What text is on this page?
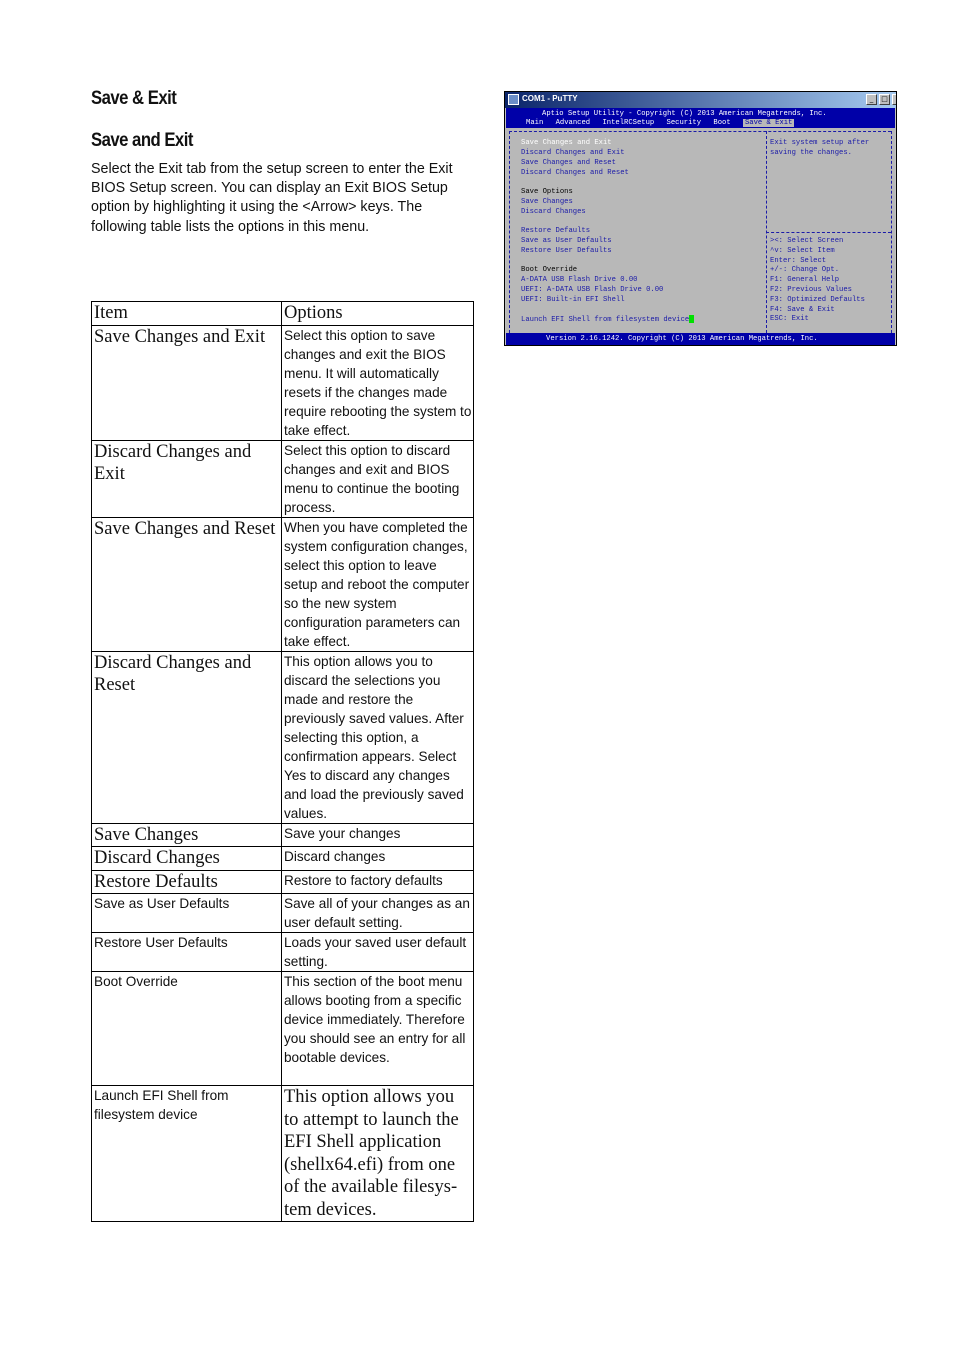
Save & Exit
Save and Exit
Select the Exit tab from the setup screen to enter the Exit BIOS Setup screen. You can display an Exit BIOS Setup option by highlighting it using the <Arrow> keys. The following table lists the options in this menu.
Item	Options
Save Changes and Exit	Select this option to save changes and exit the BIOS menu. It will automatically resets if the changes made require rebooting the system to take effect.
Discard Changes and Exit	Select this option to discard changes and exit and BIOS menu to continue the booting process.
Save Changes and Reset	When you have completed the system configuration changes, select this option to leave setup and reboot the computer so the new system configuration parameters can take effect.
Discard Changes and Reset	This option allows you to discard the selections you made and restore the previously saved values. After selecting this option, a confirmation appears. Select Yes to discard any changes and load the previously saved values.
Save Changes	Save your changes
Discard Changes	Discard changes
Restore Defaults	Restore to factory defaults
Save as User Defaults	Save all of your changes as an user default setting.
Restore User Defaults	Loads your saved user default setting.
Boot Override	This section of the boot menu allows booting from a specific device immediately. Therefore you should see an entry for all bootable devices.
Launch EFI Shell from filesystem device	This option allows you to attempt to launch the EFI Shell application (shellx64.efi) from one of the available filesys-tem devices.
COM1 - PuTTY	_	□
Aptio Setup Utility - Copyright (C) 2013 American Megatrends, Inc.
Main Advanced IntelRCSetup Security Boot Save & Exit
Save Changes and Exit
Discard Changes and Exit
Save Changes and Reset
Discard Changes and Reset
Save Options
Save Changes
Discard Changes
Restore Defaults
Save as User Defaults
Restore User Defaults
Boot Override
A-DATA USB Flash Drive 0.00
UEFI: A-DATA USB Flash Drive 0.00
UEFI: Built-in EFI Shell
Launch EFI Shell from filesystem device
Exit system setup after
saving the changes.
><: Select Screen
^v: Select Item
Enter: Select
+/-: Change Opt.
F1: General Help
F2: Previous Values
F3: Optimized Defaults
F4: Save & Exit
ESC: Exit
Version 2.16.1242. Copyright (C) 2013 American Megatrends, Inc.
